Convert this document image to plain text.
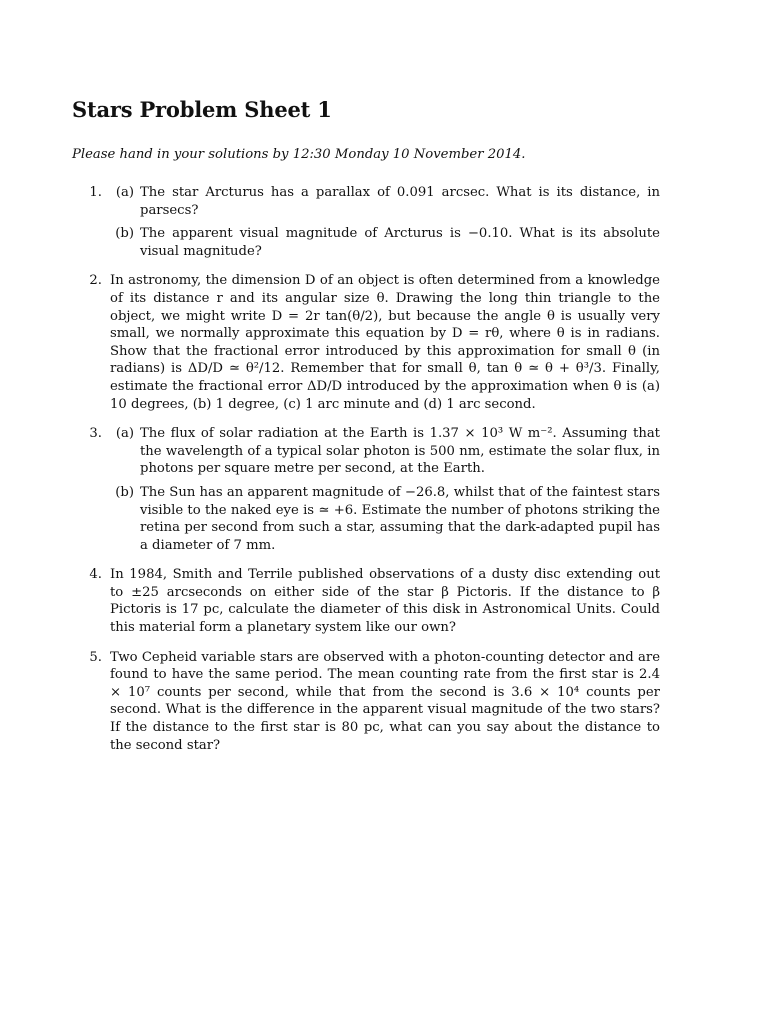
Stars Problem Sheet 1
Please hand in your solutions by 12:30 Monday 10 November 2014.
1.	(a) The star Arcturus has a parallax of 0.091 arcsec. What is its distance, in parsecs?
(b) The apparent visual magnitude of Arcturus is −0.10. What is its absolute visual magnitude?
2. In astronomy, the dimension D of an object is often determined from a knowledge of its distance r and its angular size θ. Drawing the long thin triangle to the object, we might write D = 2r tan(θ/2), but because the angle θ is usually very small, we normally approximate this equation by D = rθ, where θ is in radians. Show that the fractional error introduced by this approximation for small θ (in radians) is ΔD/D ≃ θ²/12. Remember that for small θ, tan θ ≃ θ + θ³/3. Finally, estimate the fractional error ΔD/D introduced by the approximation when θ is (a) 10 degrees, (b) 1 degree, (c) 1 arc minute and (d) 1 arc second.
3.	(a) The flux of solar radiation at the Earth is 1.37 × 10³ W m⁻². Assuming that the wavelength of a typical solar photon is 500 nm, estimate the solar flux, in photons per square metre per second, at the Earth.
(b) The Sun has an apparent magnitude of −26.8, whilst that of the faintest stars visible to the naked eye is ≃ +6. Estimate the number of photons striking the retina per second from such a star, assuming that the dark-adapted pupil has a diameter of 7 mm.
4. In 1984, Smith and Terrile published observations of a dusty disc extending out to ±25 arcseconds on either side of the star β Pictoris. If the distance to β Pictoris is 17 pc, calculate the diameter of this disk in Astronomical Units. Could this material form a planetary system like our own?
5. Two Cepheid variable stars are observed with a photon-counting detector and are found to have the same period. The mean counting rate from the first star is 2.4 × 10⁷ counts per second, while that from the second is 3.6 × 10⁴ counts per second. What is the difference in the apparent visual magnitude of the two stars? If the distance to the first star is 80 pc, what can you say about the distance to the second star?
